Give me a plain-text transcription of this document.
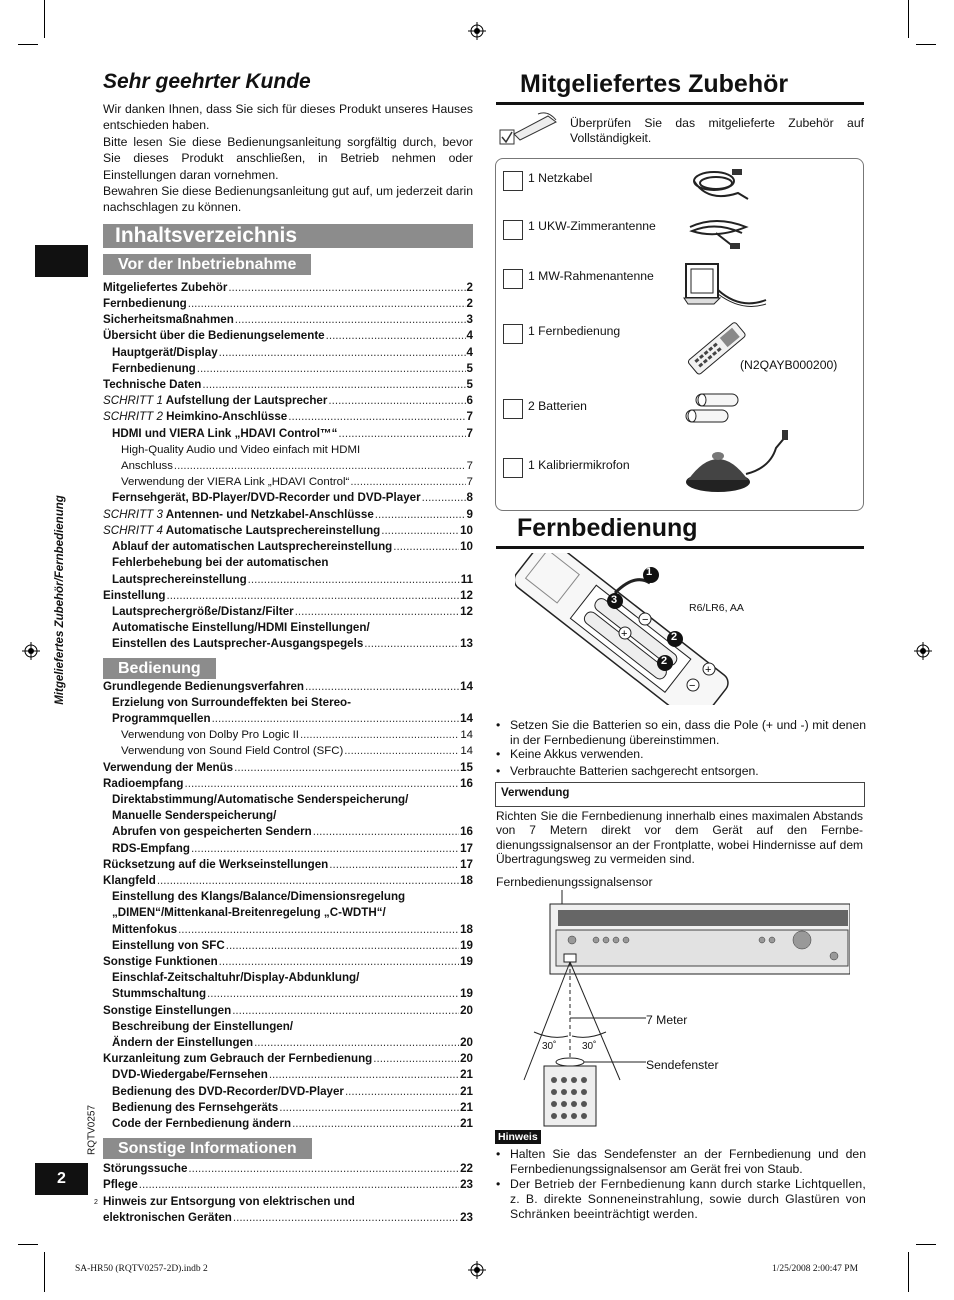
Mitgeliefertes Zubehör/Fernbedienung
RQTV0257
2
2
Sehr geehrter Kunde

Wir danken Ihnen, dass Sie sich für dieses Produkt unseres Hauses entschieden haben.

Bitte lesen Sie diese Bedienungsanleitung sorgfältig durch, bevor Sie dieses Produkt anschließen, in Betrieb nehmen oder Einstellungen daran vornehmen.

Bewahren Sie diese Bedienungsanleitung gut auf, um jederzeit darin nachschlagen zu können.

Inhaltsverzeichnis
Vor der Inbetriebnahme
Mitgeliefertes Zubehör .....	2
Fernbedienung .....	2
Sicherheitsmaßnahmen .....	3
Übersicht über die Bedienungselemente .....	4
Hauptgerät/Display .....	4
Fernbedienung .....	5
Technische Daten .....	5
SCHRITT 1 Aufstellung der Lautsprecher .....	6
SCHRITT 2 Heimkino-Anschlüsse .....	7
HDMI und VIERA Link „HDAVI Control™“ .....	7
High-Quality Audio und Video einfach mit HDMI
Anschluss .....	7
Verwendung der VIERA Link „HDAVI Control“ .....	7
Fernsehgerät, BD-Player/DVD-Recorder und DVD-Player .....	8
SCHRITT 3 Antennen- und Netzkabel-Anschlüsse .....	9
SCHRITT 4 Automatische Lautsprechereinstellung .....	10
Ablauf der automatischen Lautsprechereinstellung .....	10
Fehlerbehebung bei der automatischen
Lautsprechereinstellung .....	11
Einstellung .....	12
Lautsprechergröße/Distanz/Filter .....	12
Automatische Einstellung/HDMI Einstellungen/
Einstellen des Lautsprecher-Ausgangspegels .....	13
Bedienung
Grundlegende Bedienungsverfahren .....	14
Erzielung von Surroundeffekten bei Stereo-
Programmquellen .....	14
Verwendung von Dolby Pro Logic II .....	14
Verwendung von Sound Field Control (SFC) .....	14
Verwendung der Menüs .....	15
Radioempfang .....	16
Direktabstimmung/Automatische Senderspeicherung/
Manuelle Senderspeicherung/
Abrufen von gespeicherten Sendern .....	16
RDS-Empfang .....	17
Rücksetzung auf die Werkseinstellungen .....	17
Klangfeld .....	18
Einstellung des Klangs/Balance/Dimensionsregelung
„DIMEN“/Mittenkanal-Breitenregelung „C-WDTH“/
Mittenfokus .....	18
Einstellung von SFC .....	19
Sonstige Funktionen .....	19
Einschlaf-Zeitschaltuhr/Display-Abdunklung/
Stummschaltung .....	19
Sonstige Einstellungen .....	20
Beschreibung der Einstellungen/
Ändern der Einstellungen .....	20
Kurzanleitung zum Gebrauch der Fernbedienung .....	20
DVD-Wiedergabe/Fernsehen .....	21
Bedienung des DVD-Recorder/DVD-Player .....	21
Bedienung des Fernsehgeräts .....	21
Code der Fernbedienung ändern .....	21
Sonstige Informationen
Störungssuche .....	22
Pflege .....	23
Hinweis zur Entsorgung von elektrischen und
elektronischen Geräten .....	23
Mitgeliefertes Zubehör
Überprüfen Sie das mitgelieferte Zubehör auf Vollständigkeit.
1 Netzkabel
1 UKW-Zimmerantenne
1 MW-Rahmenantenne
1 Fernbedienung
(N2QAYB000200)
2 Batterien
1 Kalibriermikrofon
Fernbedienung
+
−
−
+
1
3
2
2
R6/LR6, AA
• Setzen Sie die Batterien so ein, dass die Pole (+ und -) mit denen in der Fernbedienung übereinstimmen.
• Keine Akkus verwenden.
• Verbrauchte Batterien sachgerecht entsorgen.
Verwendung
Richten Sie die Fernbedienung innerhalb eines maximalen Abstands von 7 Metern direkt vor dem Gerät auf den Fernbe-dienungssignalsensor an der Frontplatte, wobei Hindernisse auf dem Übertragungsweg zu vermeiden sind.
Fernbedienungssignalsensor
7 Meter
30˚	30˚
Sendefenster
Hinweis
• Halten Sie das Sendefenster an der Fernbedienung und den Fernbedienungssignalsensor am Gerät frei von Staub.
• Der Betrieb der Fernbedienung kann durch starke Lichtquellen, z. B. direkte Sonneneinstrahlung, sowie durch Glastüren von Schränken beeinträchtigt werden.
SA-HR50 (RQTV0257-2D).indb 2	1/25/2008 2:00:47 PM
